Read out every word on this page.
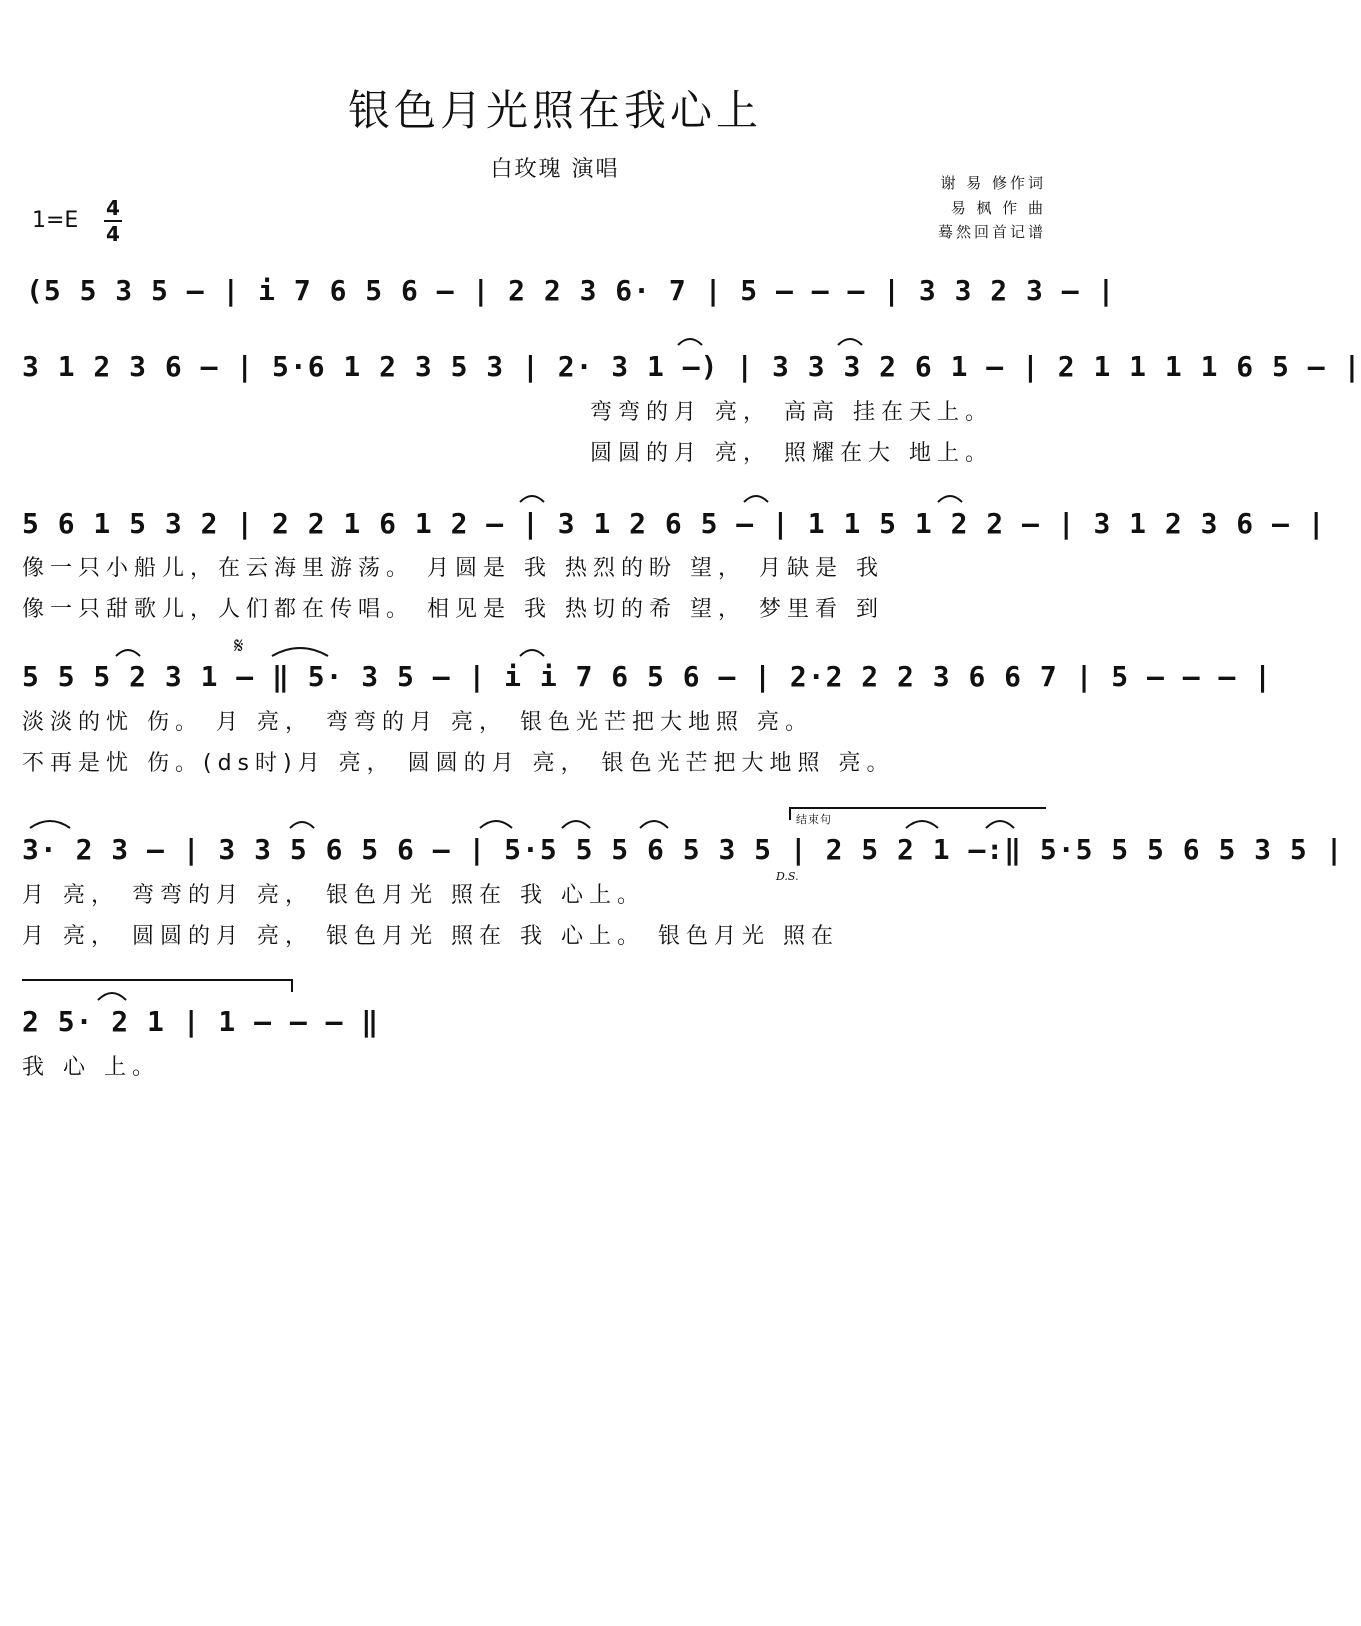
银色月光照在我心上
白玫瑰 演唱
谢 易 修作词
易 枫 作 曲
蓦然回首记谱
1=E 4
4
(5 5 3 5 – | i 7 6 5 6 – | 2 2 3 6· 7 | 5 – – – | 3 3 2 3 – |
3 1 2 3 6 – | 5·6 1 2 3 5 3 | 2· 3 1 –) | 3 3 3 2 6 1 – | 2 1 1 1 1 6 5 – |
弯弯的月 亮， 高高 挂在天上。
圆圆的月 亮， 照耀在大 地上。
5 6 1 5 3 2 | 2 2 1 6 1 2 – | 3 1 2 6 5 – | 1 1 5 1 2 2 – | 3 1 2 3 6 – |
像一只小船儿，在云海里游荡。 月圆是 我 热烈的盼 望， 月缺是 我
像一只甜歌儿，人们都在传唱。 相见是 我 热切的希 望， 梦里看 到
5 5 5 2 3 1 – ‖ 5· 3 5 – | i i 7 6 5 6 – | 2·2 2 2 3 6 6 7 | 5 – – – |
淡淡的忧 伤。 月 亮， 弯弯的月 亮， 银色光芒把大地照 亮。
不再是忧 伤。(ds时)月 亮， 圆圆的月 亮， 银色光芒把大地照 亮。
𝄋
3· 2 3 – | 3 3 5 6 5 6 – | 5·5 5 5 6 5 3 5 | 2 5 2 1 –:‖ 5·5 5 5 6 5 3 5 |
月 亮， 弯弯的月 亮， 银色月光 照在 我 心上。
月 亮， 圆圆的月 亮， 银色月光 照在 我 心上。 银色月光 照在
D.S.
结束句
2 5· 2 1 | 1 – – – ‖
我 心 上。
